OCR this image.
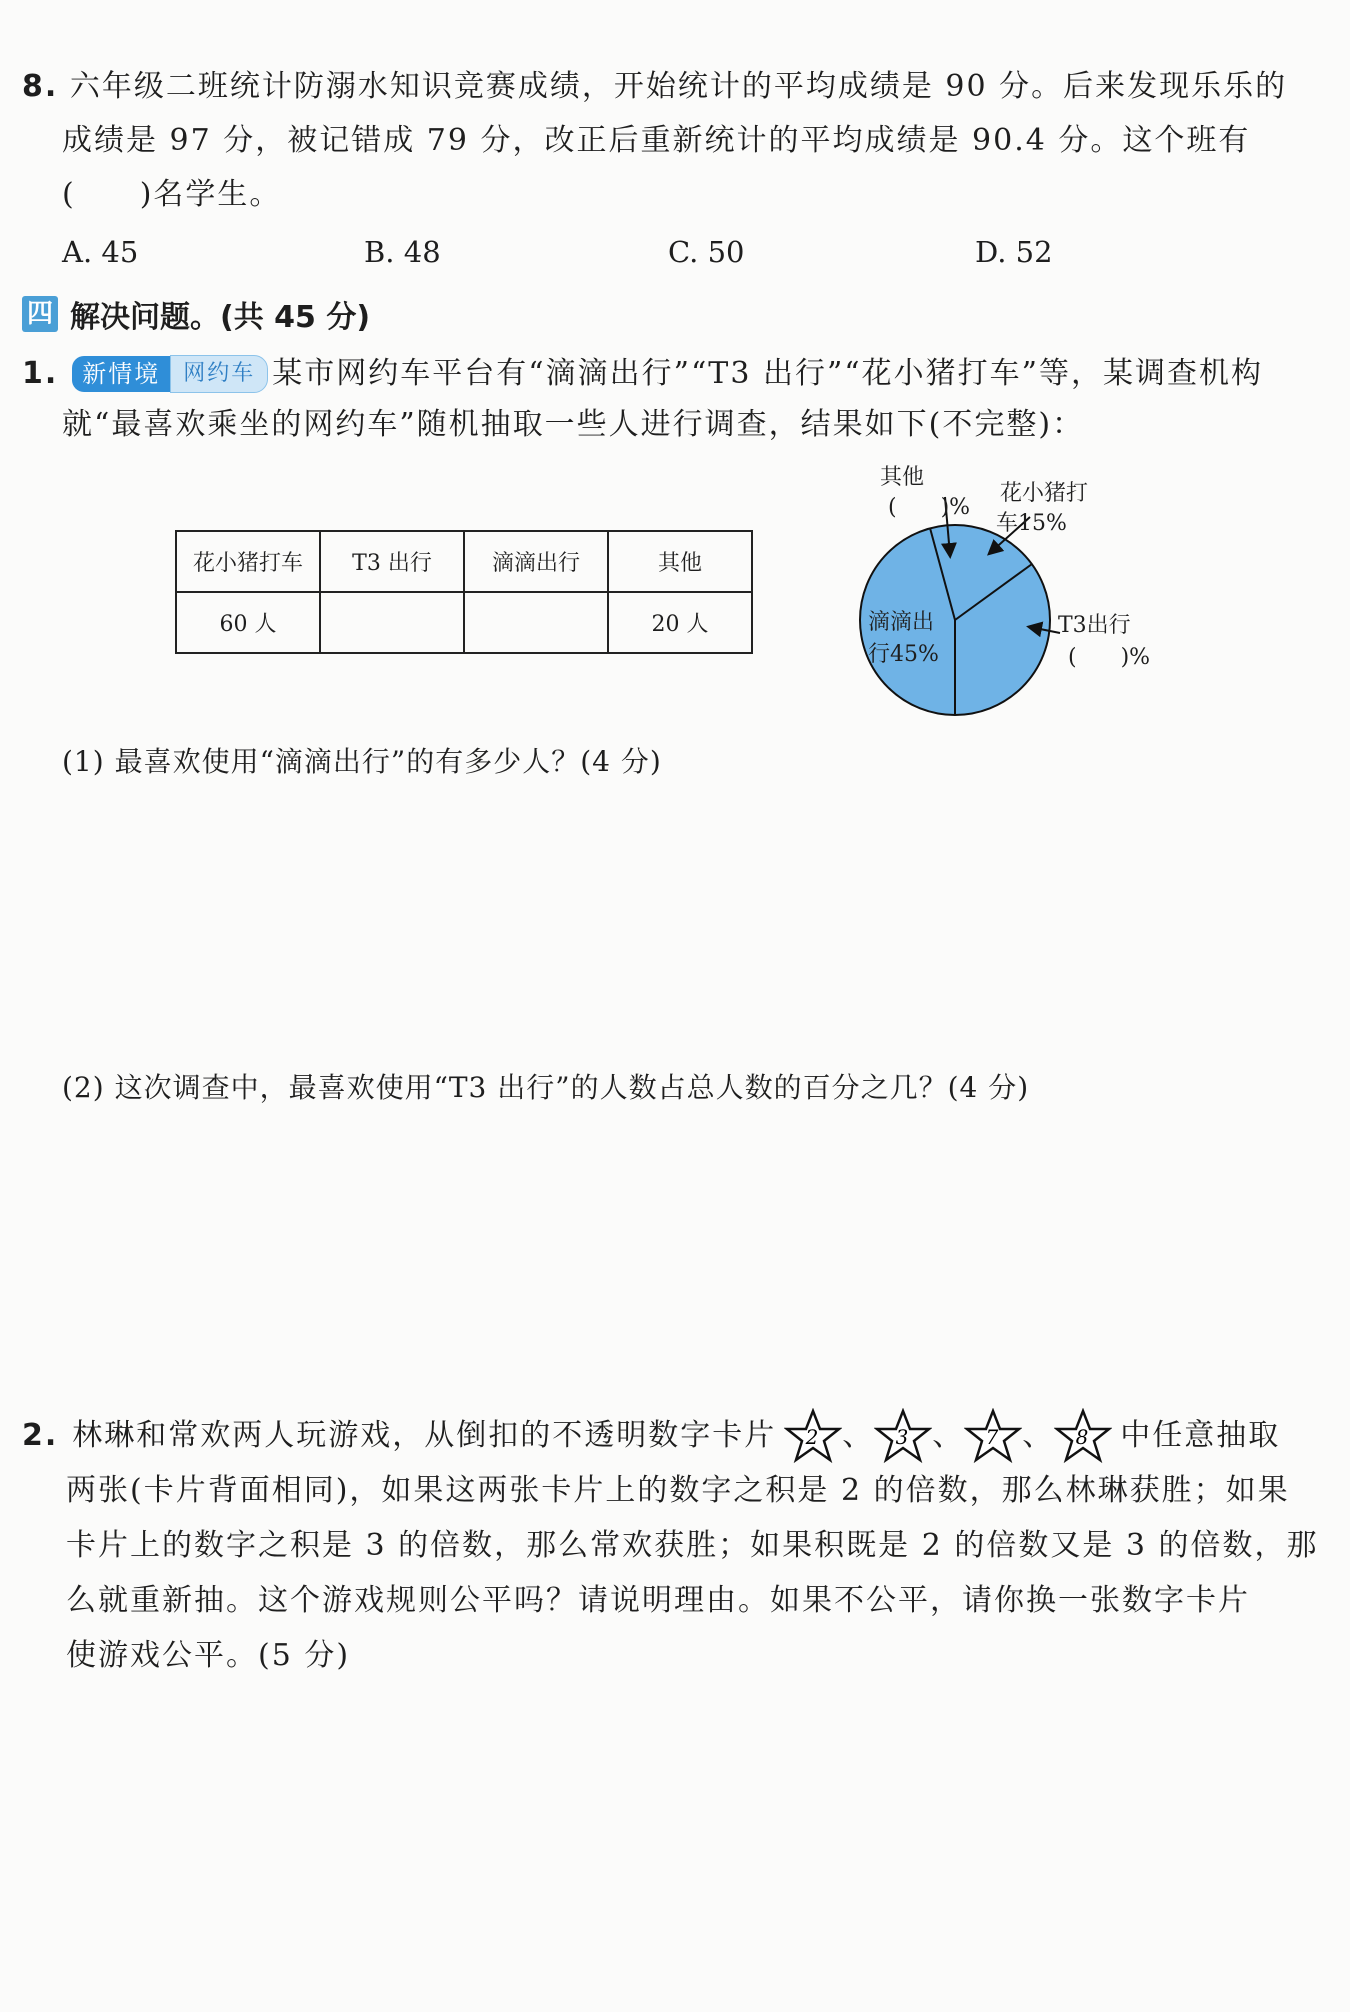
8. 六年级二班统计防溺水知识竞赛成绩，开始统计的平均成绩是 90 分。后来发现乐乐的
成绩是 97 分，被记错成 79 分，改正后重新统计的平均成绩是 90.4 分。这个班有
(　　)名学生。
A. 45	B. 48	C. 50	D. 52
四 解决问题。(共 45 分)
1.	新情境	网约车 某市网约车平台有“滴滴出行”“T3 出行”“花小猪打车”等，某调查机构
就“最喜欢乘坐的网约车”随机抽取一些人进行调查，结果如下(不完整)：
花小猪打车	T3 出行	滴滴出行	其他
60 人			20 人
其他
(　　)%
花小猪打
车15%
滴滴出
行45%
T3出行
(　　)%
(1) 最喜欢使用“滴滴出行”的有多少人？(4 分)
(2) 这次调查中，最喜欢使用“T3 出行”的人数占总人数的百分之几？(4 分)
2. 林琳和常欢两人玩游戏，从倒扣的不透明数字卡片 2 、 3 、 7 、 8 中任意抽取
两张(卡片背面相同)，如果这两张卡片上的数字之积是 2 的倍数，那么林琳获胜；如果
卡片上的数字之积是 3 的倍数，那么常欢获胜；如果积既是 2 的倍数又是 3 的倍数，那
么就重新抽。这个游戏规则公平吗？请说明理由。如果不公平，请你换一张数字卡片
使游戏公平。(5 分)
